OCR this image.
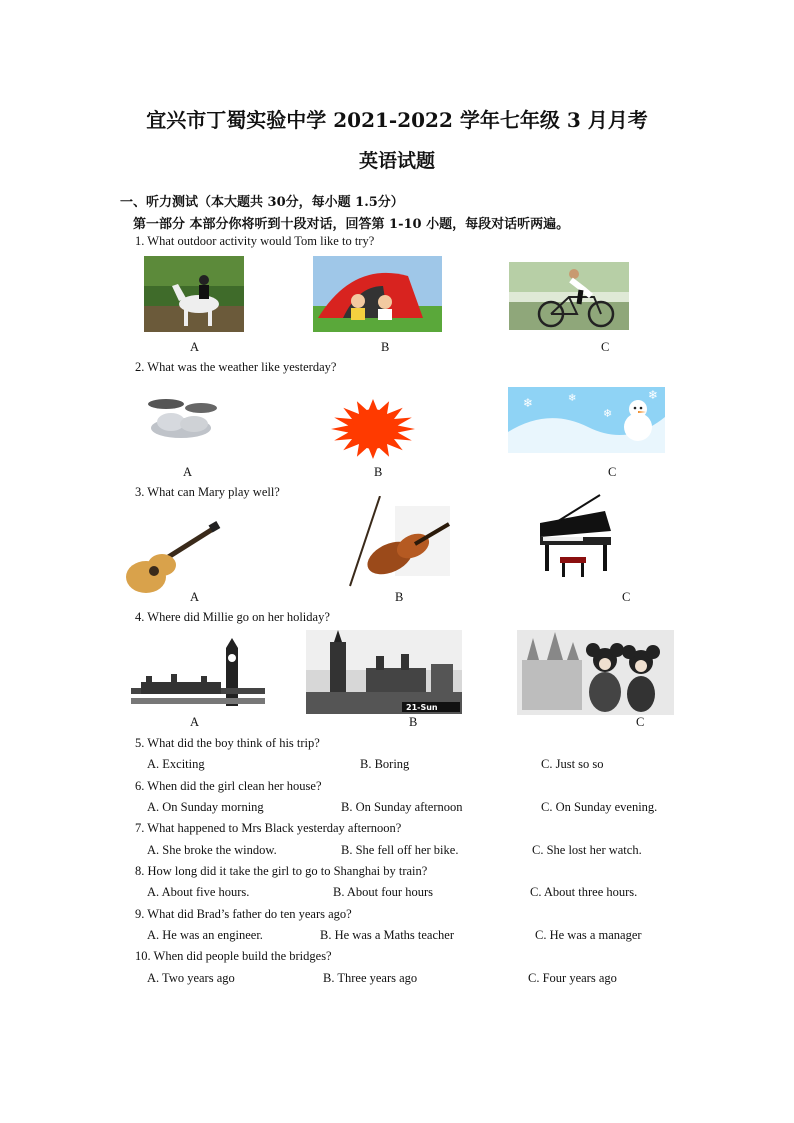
宜兴市丁蜀实验中学 2021-2022 学年七年级 3 月月考
英语试题
一、听力测试（本大题共 30分，每小题 1.5分）
第一部分 本部分你将听到十段对话，回答第 1-10 小题，每段对话听两遍。
1. What outdoor activity would Tom like to try?
A	B	C
2. What was the weather like yesterday?
❄	❄
❄
❄
A	B	C
3. What can Mary play well?
A	B	C
4. Where did Millie go on her holiday?
21-Sun
A	B	C
5. What did the boy think of his trip?
A. Exciting	B. Boring	C. Just so so
6. When did the girl clean her house?
A. On Sunday morning	B. On Sunday afternoon	C. On Sunday evening.
7. What happened to Mrs Black yesterday afternoon?
A. She broke the window.	B. She fell off her bike.	C. She lost her watch.
8. How long did it take the girl to go to Shanghai by train?
A. About five hours.	B. About four hours	C. About three hours.
9. What did Brad’s father do ten years ago?
A. He was an engineer.	B. He was a Maths teacher	C. He was a manager
10. When did people build the bridges?
A. Two years ago	B. Three years ago	C. Four years ago
